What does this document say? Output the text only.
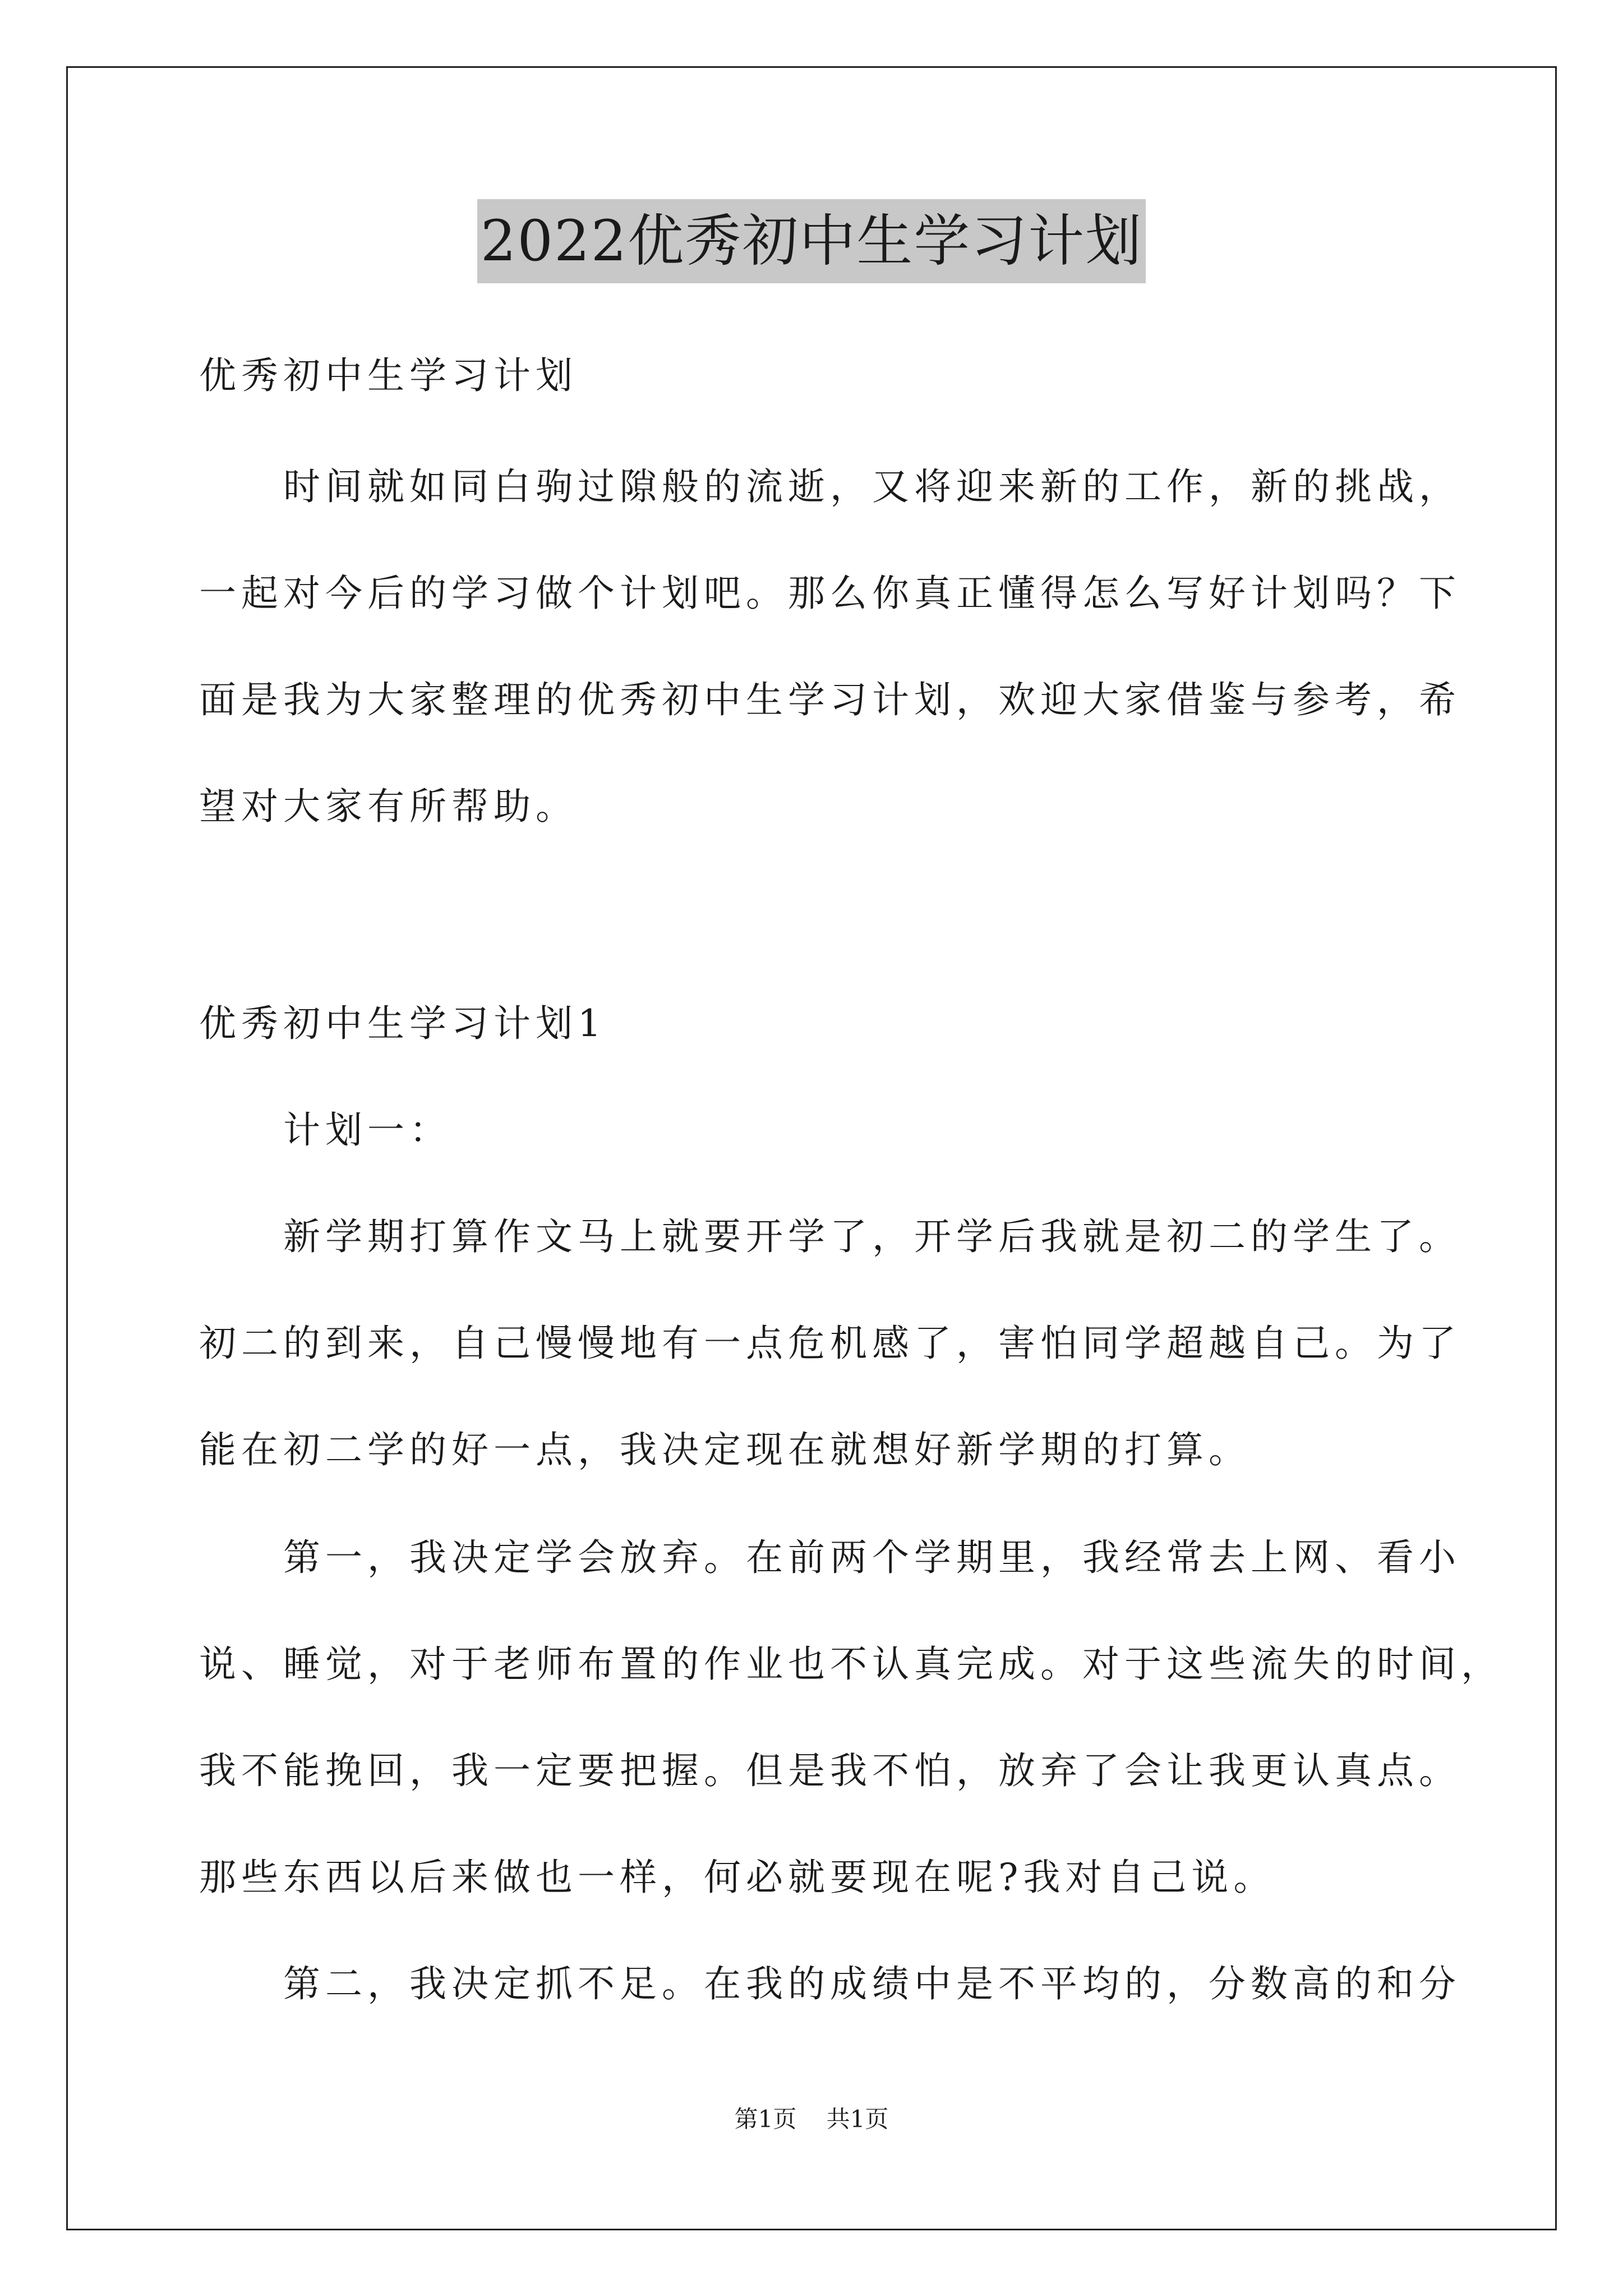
2022优秀初中生学习计划
优秀初中生学习计划
时间就如同白驹过隙般的流逝，又将迎来新的工作，新的挑战，
一起对今后的学习做个计划吧。那么你真正懂得怎么写好计划吗？下
面是我为大家整理的优秀初中生学习计划，欢迎大家借鉴与参考，希
望对大家有所帮助。
优秀初中生学习计划1
计划一：
新学期打算作文马上就要开学了，开学后我就是初二的学生了。
初二的到来，自己慢慢地有一点危机感了，害怕同学超越自己。为了
能在初二学的好一点，我决定现在就想好新学期的打算。
第一，我决定学会放弃。在前两个学期里，我经常去上网、看小
说、睡觉，对于老师布置的作业也不认真完成。对于这些流失的时间，
我不能挽回，我一定要把握。但是我不怕，放弃了会让我更认真点。
那些东西以后来做也一样，何必就要现在呢?我对自己说。
第二，我决定抓不足。在我的成绩中是不平均的，分数高的和分
第1页 共1页
